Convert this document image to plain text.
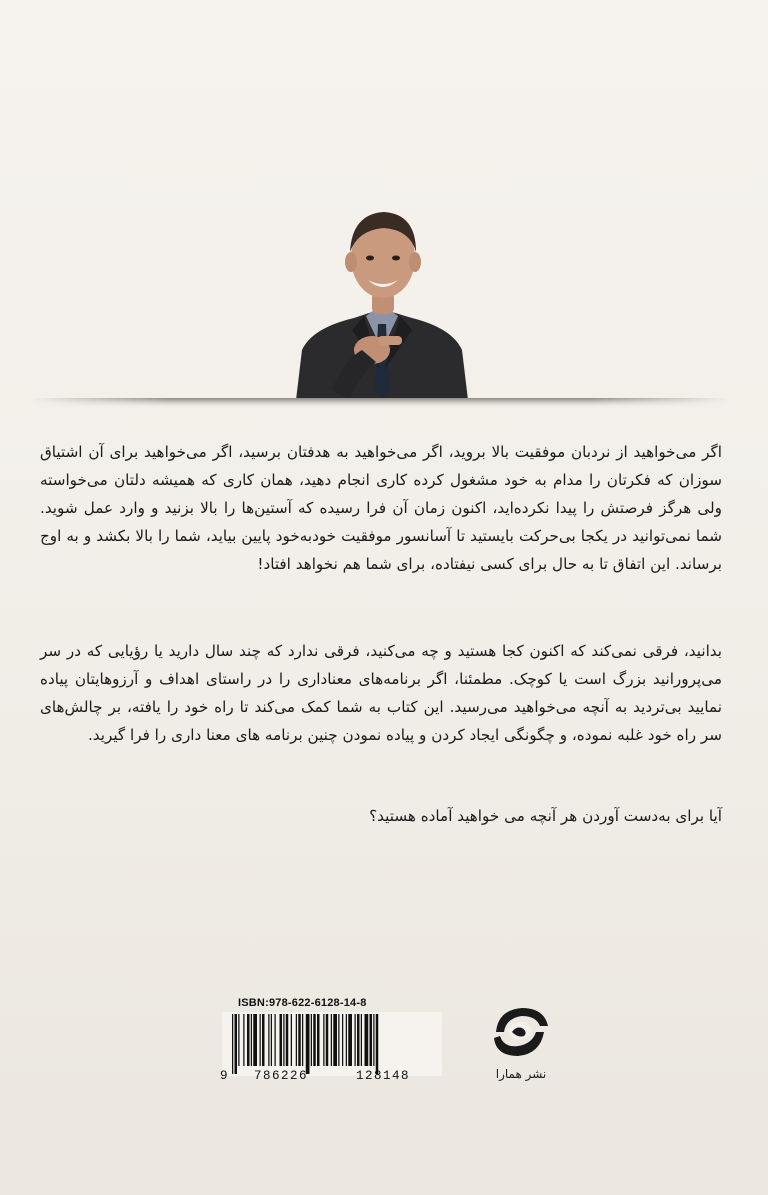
اگر می‌خواهید از نردبان موفقیت بالا بروید، اگر می‌خواهید به هدفتان برسید، اگر می‌خواهید برای آن اشتیاق سوزان که فکرتان را مدام به خود مشغول کرده کاری انجام دهید، همان کاری که همیشه دلتان می‌خواسته ولی هرگز فرصتش را پیدا نکرده‌اید، اکنون زمان آن فرا رسیده که آستین‌ها را بالا بزنید و وارد عمل شوید. شما نمی‌توانید در یکجا بی‌حرکت بایستید تا آسانسور موفقیت خودبه‌خود پایین بیاید، شما را بالا بکشد و به اوج برساند. این اتفاق تا به حال برای کسی نیفتاده، برای شما هم نخواهد افتاد!

بدانید، فرقی نمی‌کند که اکنون کجا هستید و چه می‌کنید، فرقی ندارد که چند سال دارید یا رؤیایی که در سر می‌پرورانید بزرگ است یا کوچک. مطمئنا، اگر برنامه‌های معناداری را در راستای اهداف و آرزوهایتان پیاده نمایید بی‌تردید به آنچه می‌خواهید می‌رسید. این کتاب به شما کمک می‌کند تا راه خود را یافته، بر چالش‌های سر راه خود غلبه نموده، و چگونگی ایجاد کردن و پیاده نمودن چنین برنامه های معنا داری را فرا گیرید.

آیا برای به‌دست آوردن هر آنچه می خواهید آماده هستید؟

ISBN:978-622-6128-14-8
9 786226	128148	نشر همارا
